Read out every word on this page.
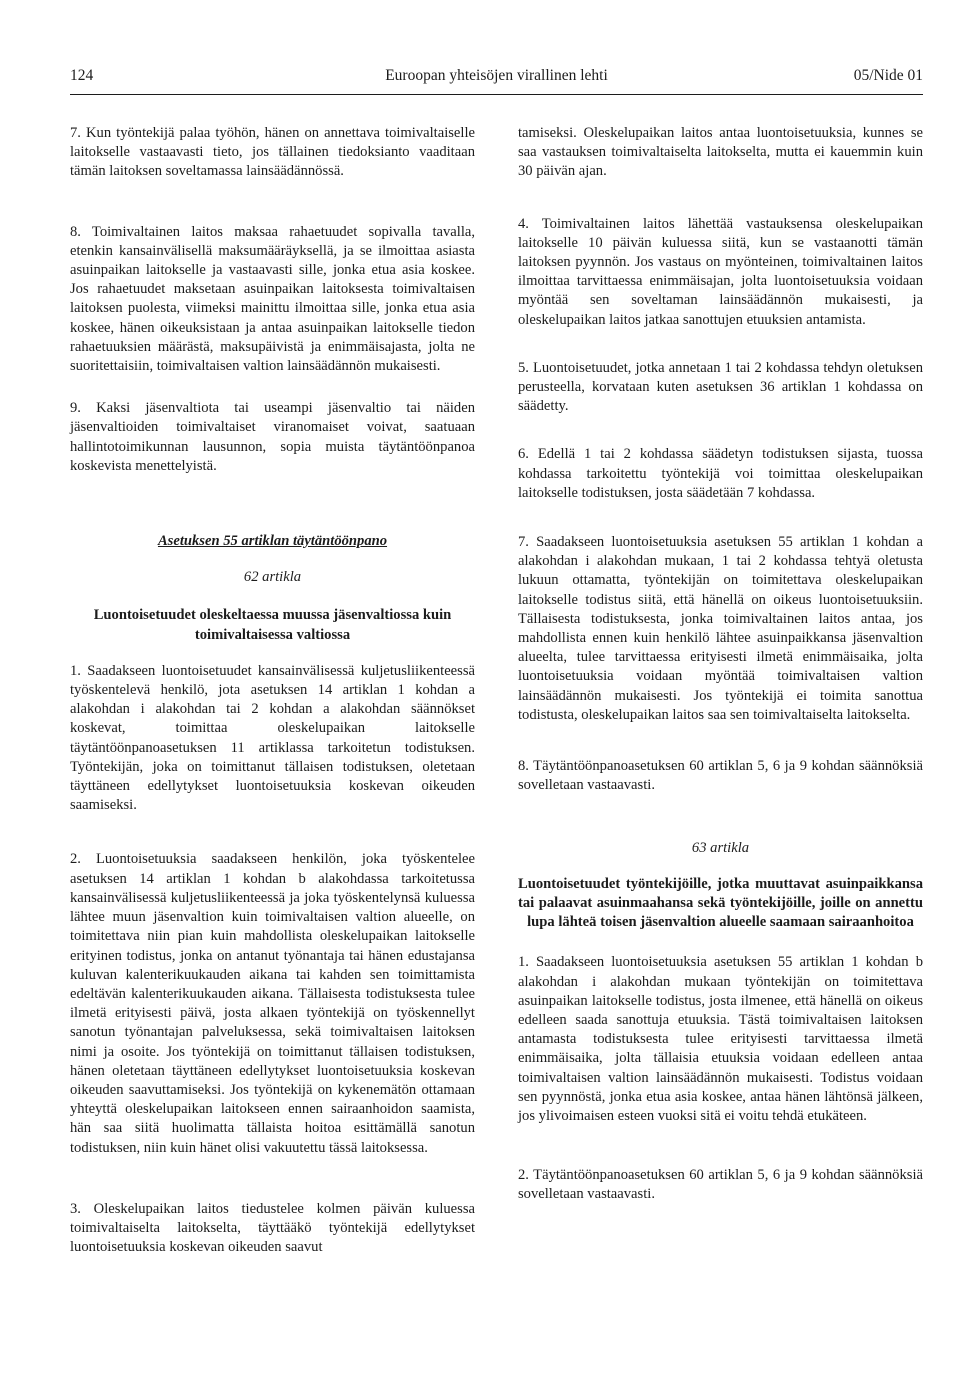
124	Euroopan yhteisöjen virallinen lehti	05/Nide 01

7. Kun työntekijä palaa työhön, hänen on annettava toimivaltaiselle laitokselle vastaavasti tieto, jos tällainen tiedoksianto vaaditaan tämän laitoksen soveltamassa lainsäädännössä.

8. Toimivaltainen laitos maksaa rahaetuudet sopivalla tavalla, etenkin kansainvälisellä maksumääräyksellä, ja se ilmoittaa asiasta asuinpaikan laitokselle ja vastaavasti sille, jonka etua asia koskee. Jos rahaetuudet maksetaan asuinpaikan laitoksesta toimivaltaisen laitoksen puolesta, viimeksi mainittu ilmoittaa sille, jonka etua asia koskee, hänen oikeuksistaan ja antaa asuinpaikan laitokselle tiedon rahaetuuksien määrästä, maksupäivistä ja enimmäisajasta, jolta ne suoritettaisiin, toimivaltaisen valtion lainsäädännön mukaisesti.

9. Kaksi jäsenvaltiota tai useampi jäsenvaltio tai näiden jäsenvaltioiden toimivaltaiset viranomaiset voivat, saatuaan hallintotoimikunnan lausunnon, sopia muista täytäntöönpanoa koskevista menettelyistä.

Asetuksen 55 artiklan täytäntöönpano
62 artikla
Luontoisetuudet oleskeltaessa muussa jäsenvaltiossa kuin toimivaltaisessa valtiossa

1. Saadakseen luontoisetuudet kansainvälisessä kuljetusliikenteessä työskentelevä henkilö, jota asetuksen 14 artiklan 1 kohdan a alakohdan i alakohdan tai 2 kohdan a alakohdan säännökset koskevat, toimittaa oleskelupaikan laitokselle täytäntöönpanoasetuksen 11 artiklassa tarkoitetun todistuksen. Työntekijän, joka on toimittanut tällaisen todistuksen, oletetaan täyttäneen edellytykset luontoisetuuksia koskevan oikeuden saamiseksi.

2. Luontoisetuuksia saadakseen henkilön, joka työskentelee asetuksen 14 artiklan 1 kohdan b alakohdassa tarkoitetussa kansainvälisessä kuljetusliikenteessä ja joka työskentelynsä kuluessa lähtee muun jäsenvaltion kuin toimivaltaisen valtion alueelle, on toimitettava niin pian kuin mahdollista oleskelupaikan laitokselle erityinen todistus, jonka on antanut työnantaja tai hänen edustajansa kuluvan kalenterikuukauden aikana tai kahden sen toimittamista edeltävän kalenterikuukauden aikana. Tällaisesta todistuksesta tulee ilmetä erityisesti päivä, josta alkaen työntekijä on työskennellyt sanotun työnantajan palveluksessa, sekä toimivaltaisen laitoksen nimi ja osoite. Jos työntekijä on toimittanut tällaisen todistuksen, hänen oletetaan täyttäneen edellytykset luontoisetuuksia koskevan oikeuden saavuttamiseksi. Jos työntekijä on kykenemätön ottamaan yhteyttä oleskelupaikan laitokseen ennen sairaanhoidon saamista, hän saa siitä huolimatta tällaista hoitoa esittämällä sanotun todistuksen, niin kuin hänet olisi vakuutettu tässä laitoksessa.

3. Oleskelupaikan laitos tiedustelee kolmen päivän kuluessa toimivaltaiselta laitokselta, täyttääkö työntekijä edellytykset luontoisetuuksia koskevan oikeuden saavut

tamiseksi. Oleskelupaikan laitos antaa luontoisetuuksia, kunnes se saa vastauksen toimivaltaiselta laitokselta, mutta ei kauemmin kuin 30 päivän ajan.

4. Toimivaltainen laitos lähettää vastauksensa oleskelupaikan laitokselle 10 päivän kuluessa siitä, kun se vastaanotti tämän laitoksen pyynnön. Jos vastaus on myönteinen, toimivaltainen laitos ilmoittaa tarvittaessa enimmäisajan, jolta luontoisetuuksia voidaan myöntää sen soveltaman lainsäädännön mukaisesti, ja oleskelupaikan laitos jatkaa sanottujen etuuksien antamista.

5. Luontoisetuudet, jotka annetaan 1 tai 2 kohdassa tehdyn oletuksen perusteella, korvataan kuten asetuksen 36 artiklan 1 kohdassa on säädetty.

6. Edellä 1 tai 2 kohdassa säädetyn todistuksen sijasta, tuossa kohdassa tarkoitettu työntekijä voi toimittaa oleskelupaikan laitokselle todistuksen, josta säädetään 7 kohdassa.

7. Saadakseen luontoisetuuksia asetuksen 55 artiklan 1 kohdan a alakohdan i alakohdan mukaan, 1 tai 2 kohdassa tehtyä oletusta lukuun ottamatta, työntekijän on toimitettava oleskelupaikan laitokselle todistus siitä, että hänellä on oikeus luontoisetuuksiin. Tällaisesta todistuksesta, jonka toimivaltainen laitos antaa, jos mahdollista ennen kuin henkilö lähtee asuinpaikkansa jäsenvaltion alueelta, tulee tarvittaessa erityisesti ilmetä enimmäisaika, jolta luontoisetuuksia voidaan myöntää toimivaltaisen valtion lainsäädännön mukaisesti. Jos työntekijä ei toimita sanottua todistusta, oleskelupaikan laitos saa sen toimivaltaiselta laitokselta.

8. Täytäntöönpanoasetuksen 60 artiklan 5, 6 ja 9 kohdan säännöksiä sovelletaan vastaavasti.

63 artikla
Luontoisetuudet työntekijöille, jotka muuttavat asuinpaikkansa tai palaavat asuinmaahansa sekä työntekijöille, joille on annettu lupa lähteä toisen jäsenvaltion alueelle saamaan sairaanhoitoa

1. Saadakseen luontoisetuuksia asetuksen 55 artiklan 1 kohdan b alakohdan i alakohdan mukaan työntekijän on toimitettava asuinpaikan laitokselle todistus, josta ilmenee, että hänellä on oikeus edelleen saada sanottuja etuuksia. Tästä toimivaltaisen laitoksen antamasta todistuksesta tulee erityisesti tarvittaessa ilmetä enimmäisaika, jolta tällaisia etuuksia voidaan edelleen antaa toimivaltaisen valtion lainsäädännön mukaisesti. Todistus voidaan sen pyynnöstä, jonka etua asia koskee, antaa hänen lähtönsä jälkeen, jos ylivoimaisen esteen vuoksi sitä ei voitu tehdä etukäteen.

2. Täytäntöönpanoasetuksen 60 artiklan 5, 6 ja 9 kohdan säännöksiä sovelletaan vastaavasti.
